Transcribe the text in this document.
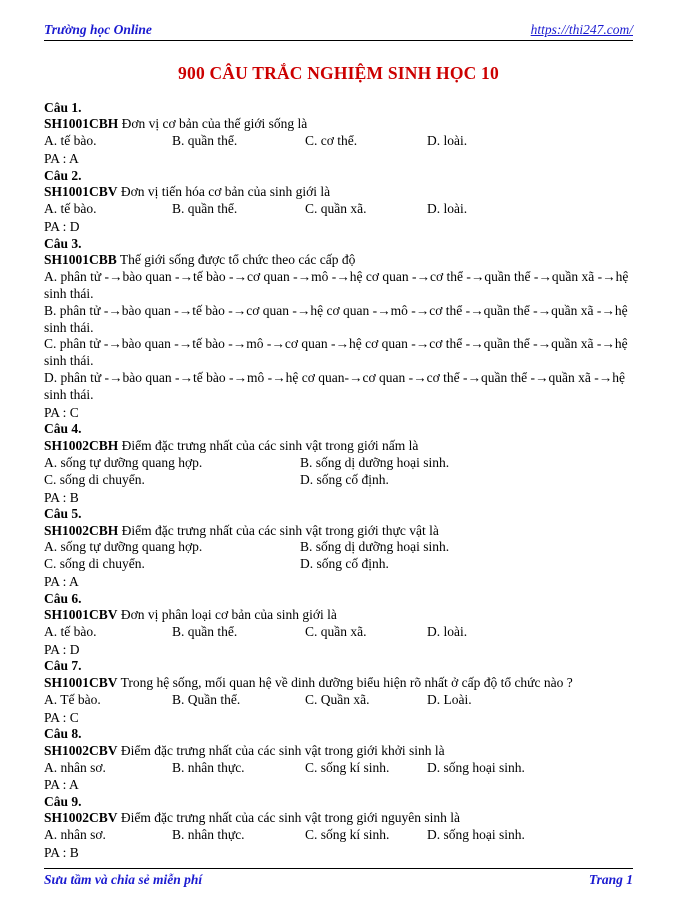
Trường học Online	https://thi247.com/
900 CÂU TRẮC NGHIỆM SINH HỌC 10
Câu 1.
SH1001CBH Đơn vị cơ bản của thế giới sống là
A. tế bào.	B. quần thể.	C. cơ thể.	D. loài.
PA : A
Câu 2.
SH1001CBV Đơn vị tiến hóa cơ bản của sinh giới là
A. tế bào.	B. quần thể.	C. quần xã.	D. loài.
PA : D
Câu 3.
SH1001CBB Thế giới sống được tổ chức theo các cấp độ
A. phân tử -→bào quan -→tế bào -→cơ quan -→mô -→hệ cơ quan -→cơ thể -→quần thể -→quần xã -→hệ sinh thái.
B. phân tử -→bào quan -→tế bào -→cơ quan -→hệ cơ quan -→mô -→cơ thể -→quần thể -→quần xã -→hệ sinh thái.
C. phân tử -→bào quan -→tế bào -→mô -→cơ quan -→hệ cơ quan -→cơ thể -→quần thể -→quần xã -→hệ sinh thái.
D. phân tử -→bào quan -→tế bào -→mô -→hệ cơ quan-→cơ quan -→cơ thể -→quần thể -→quần xã -→hệ sinh thái.
PA : C
Câu 4.
SH1002CBH Điểm đặc trưng nhất của các sinh vật trong giới nấm là
A. sống tự dưỡng quang hợp.	B. sống dị dưỡng hoại sinh.
C. sống di chuyển.	D. sống cố định.
PA : B
Câu 5.
SH1002CBH Điểm đặc trưng nhất của các sinh vật trong giới thực vật là
A. sống tự dưỡng quang hợp.	B. sống dị dưỡng hoại sinh.
C. sống di chuyển.	D. sống cố định.
PA : A
Câu 6.
SH1001CBV Đơn vị phân loại cơ bản của sinh giới là
A. tế bào.	B. quần thể.	C. quần xã.	D. loài.
PA : D
Câu 7.
SH1001CBV Trong hệ sống, mối quan hệ về dinh dưỡng biểu hiện rõ nhất ở cấp độ tổ chức nào ?
A. Tế bào.	B. Quần thể.	C. Quần xã.	D. Loài.
PA : C
Câu 8.
SH1002CBV Điểm đặc trưng nhất của các sinh vật trong giới khởi sinh là
A. nhân sơ.	B. nhân thực.	C. sống kí sinh.	D. sống hoại sinh.
PA : A
Câu 9.
SH1002CBV Điểm đặc trưng nhất của các sinh vật trong giới nguyên sinh là
A. nhân sơ.	B. nhân thực.	C. sống kí sinh.	D. sống hoại sinh.
PA : B
Sưu tầm và chia sẻ miễn phí	Trang 1
